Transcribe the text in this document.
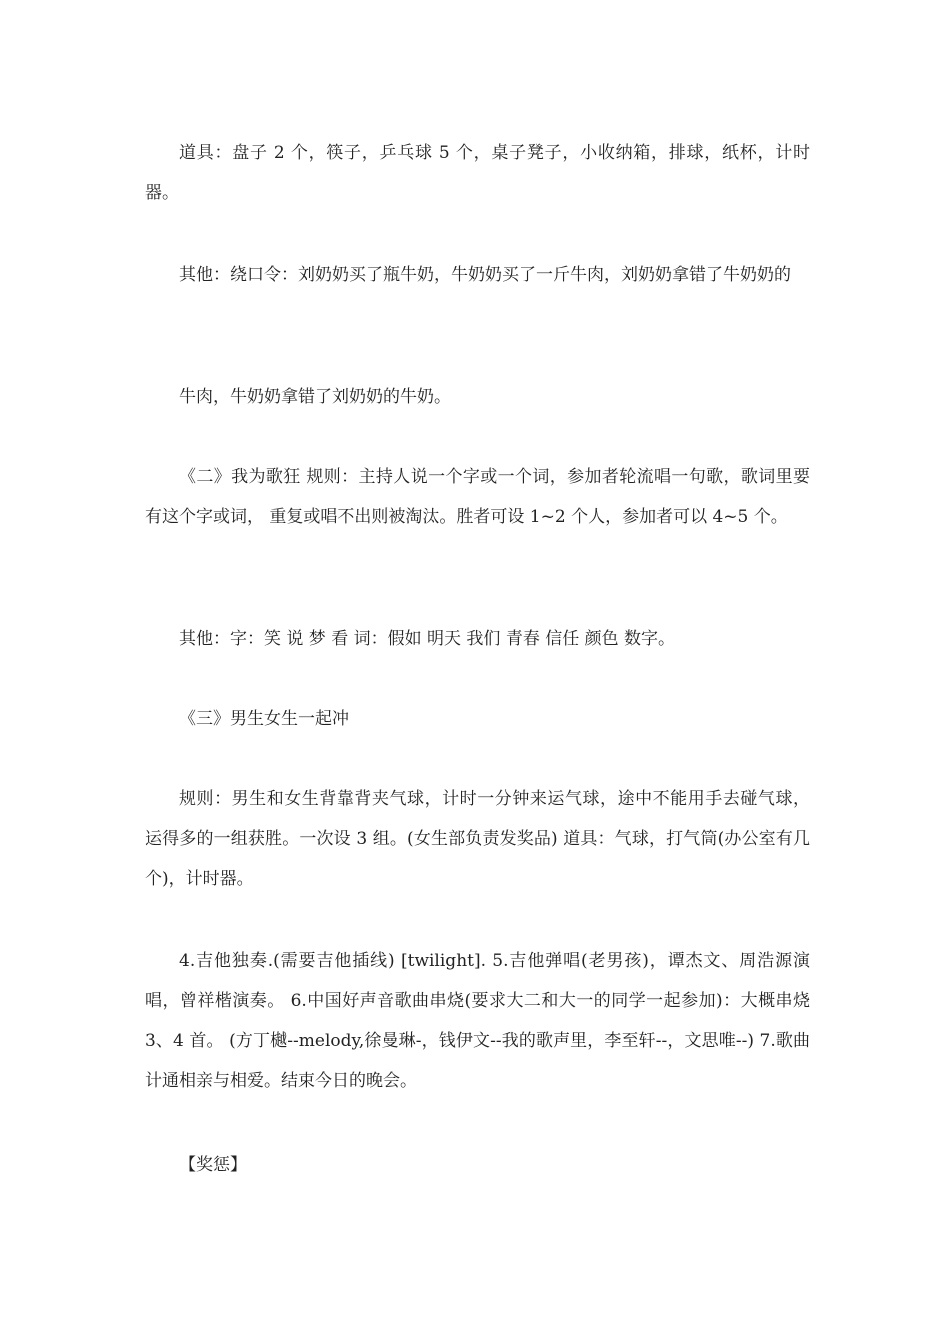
道具：盘子 2 个，筷子，乒乓球 5 个，桌子凳子，小收纳箱，排球，纸杯，计时器。

其他：绕口令：刘奶奶买了瓶牛奶，牛奶奶买了一斤牛肉，刘奶奶拿错了牛奶奶的

牛肉，牛奶奶拿错了刘奶奶的牛奶。

《二》我为歌狂 规则：主持人说一个字或一个词，参加者轮流唱一句歌，歌词里要有这个字或词， 重复或唱不出则被淘汰。胜者可设 1~2 个人，参加者可以 4~5 个。

其他：字：笑 说 梦 看 词：假如 明天 我们 青春 信任 颜色 数字。

《三》男生女生一起冲

规则：男生和女生背靠背夹气球，计时一分钟来运气球，途中不能用手去碰气球， 运得多的一组获胜。一次设 3 组。(女生部负责发奖品) 道具：气球，打气筒(办公室有几个)，计时器。

4.吉他独奏.(需要吉他插线) [twilight]. 5.吉他弹唱(老男孩)，谭杰文、周浩源演唱，曾祥楷演奏。 6.中国好声音歌曲串烧(要求大二和大一的同学一起参加)：大概串烧 3、4 首。 (方丁樾--melody,徐曼琳-，钱伊文--我的歌声里，李至轩--，文思唯--) 7.歌曲计通相亲与相爱。结束今日的晚会。

【奖惩】
